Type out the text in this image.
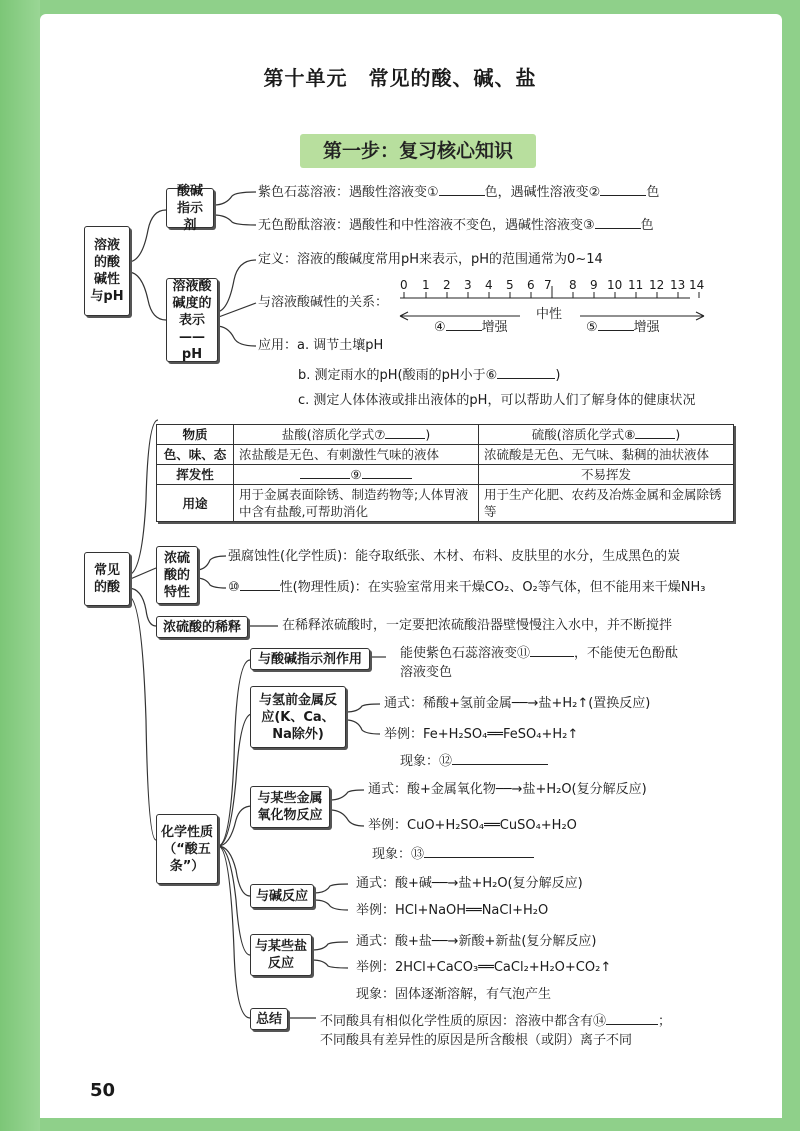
第十单元　常见的酸、碱、盐
第一步：复习核心知识
溶液的酸碱性与pH
酸碱指示剂
紫色石蕊溶液：遇酸性溶液变①	色，遇碱性溶液变②	色
无色酚酞溶液：遇酸性和中性溶液不变色，遇碱性溶液变③	色
溶液酸碱度的表示——pH
定义：溶液的酸碱度常用pH来表示，pH的范围通常为0~14
与溶液酸碱性的关系：
0 1 2 3 4 5 6 7 8 9 10 11 12 13 14
中性
④	增强	⑤	增强
应用：a. 调节土壤pH
b. 测定雨水的pH(酸雨的pH小于⑥	)
c. 测定人体体液或排出液体的pH，可以帮助人们了解身体的健康状况
常见的酸
物质	盐酸(溶质化学式⑦ )	硫酸(溶质化学式⑧ )
色、味、态	浓盐酸是无色、有刺激性气味的液体	浓硫酸是无色、无气味、黏稠的油状液体
挥发性	⑨	不易挥发
用途	用于金属表面除锈、制造药物等;人体胃液中含有盐酸,可帮助消化	用于生产化肥、农药及冶炼金属和金属除锈等
浓硫酸的特性
强腐蚀性(化学性质)：能夺取纸张、木材、布料、皮肤里的水分，生成黑色的炭
⑩	性(物理性质)：在实验室常用来干燥CO₂、O₂等气体，但不能用来干燥NH₃
浓硫酸的稀释	在稀释浓硫酸时，一定要把浓硫酸沿器壁慢慢注入水中，并不断搅拌
化学性质（“酸五条”）
与酸碱指示剂作用	能使紫色石蕊溶液变⑪	，不能使无色酚酞
溶液变色
与氢前金属反应(K、Ca、Na除外)
通式：稀酸+氢前金属──→盐+H₂↑(置换反应)
举例：Fe+H₂SO₄══FeSO₄+H₂↑
现象：⑫
与某些金属氧化物反应
通式：酸+金属氧化物──→盐+H₂O(复分解反应)
举例：CuO+H₂SO₄══CuSO₄+H₂O
现象：⑬
与碱反应
通式：酸+碱──→盐+H₂O(复分解反应)
举例：HCl+NaOH══NaCl+H₂O
与某些盐反应
通式：酸+盐──→新酸+新盐(复分解反应)
举例：2HCl+CaCO₃══CaCl₂+H₂O+CO₂↑
现象：固体逐渐溶解，有气泡产生
总结	不同酸具有相似化学性质的原因：溶液中都含有⑭	；
不同酸具有差异性的原因是所含酸根（或阴）离子不同
50
